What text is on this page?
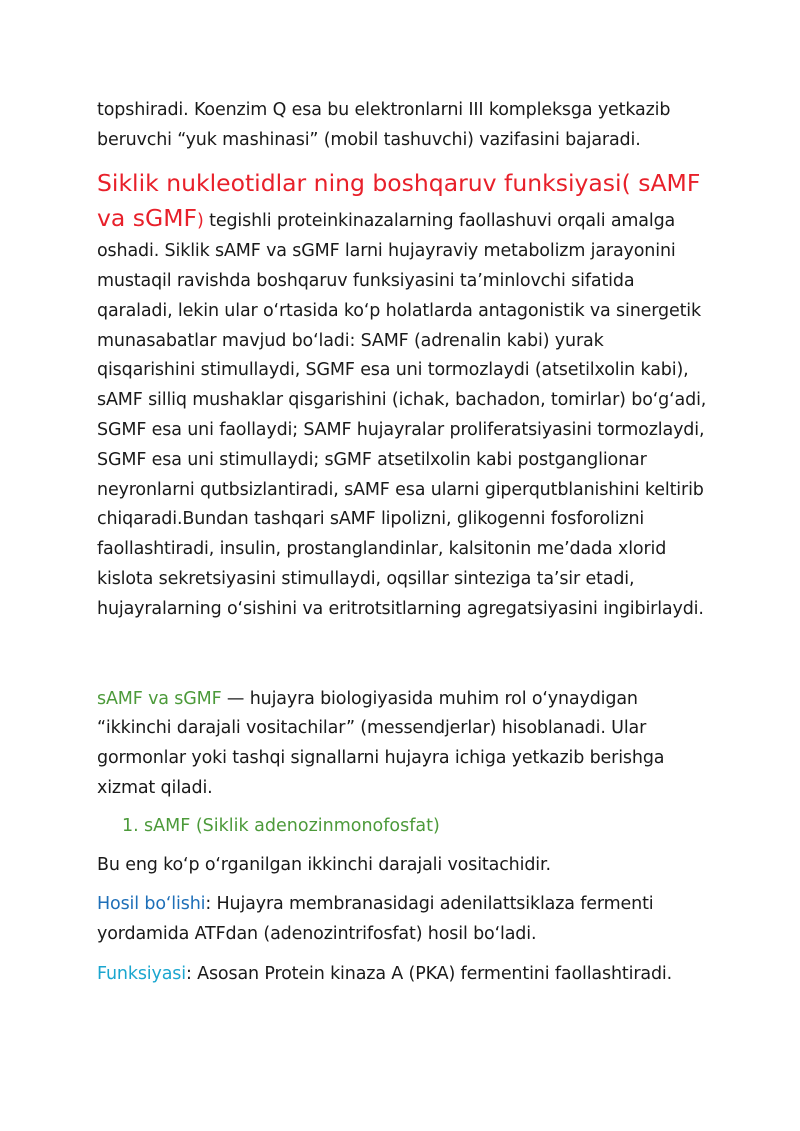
topshiradi. Koenzim Q esa bu elektronlarni III kompleksga yetkazib beruvchi “yuk mashinasi” (mobil tashuvchi) vazifasini bajaradi.

Siklik nukleotidlar ning boshqaruv funksiyasi( sAMF va sGMF) tegishli proteinkinazalarning faollashuvi orqali amalga oshadi. Siklik sAMF va sGMF larni hujayraviy metabolizm jarayonini mustaqil ravishda boshqaruv funksiyasini ta’minlovchi sifatida qaraladi, lekin ular o‘rtasida ko‘p holatlarda antagonistik va sinergetik munasabatlar mavjud bo‘ladi: SAMF (adrenalin kabi) yurak qisqarishini stimullaydi, SGMF esa uni tormozlaydi (atsetilxolin kabi), sAMF silliq mushaklar qisgarishini (ichak, bachadon, tomirlar) bo‘g‘adi, SGMF esa uni faollaydi; SAMF hujayralar proliferatsiyasini tormozlaydi, SGMF esa uni stimullaydi; sGMF atsetilxolin kabi postganglionar neyronlarni qutbsizlantiradi, sAMF esa ularni giperqutblanishini keltirib chiqaradi.Bundan tashqari sAMF lipolizni, glikogenni fosforolizni faollashtiradi, insulin, prostanglandinlar, kalsitonin me’dada xlorid kislota sekretsiyasini stimullaydi, oqsillar sinteziga ta’sir etadi, hujayralarning o‘sishini va eritrotsitlarning agregatsiyasini ingibirlaydi.

sAMF va sGMF — hujayra biologiyasida muhim rol o‘ynaydigan “ikkinchi darajali vositachilar” (messendjerlar) hisoblanadi. Ular gormonlar yoki tashqi signallarni hujayra ichiga yetkazib berishga xizmat qiladi.

1. sAMF (Siklik adenozinmonofosfat)

Bu eng ko‘p o‘rganilgan ikkinchi darajali vositachidir.

Hosil bo‘lishi: Hujayra membranasidagi adenilattsiklaza fermenti yordamida ATFdan (adenozintrifosfat) hosil bo‘ladi.

Funksiyasi: Asosan Protein kinaza A (PKA) fermentini faollashtiradi.
